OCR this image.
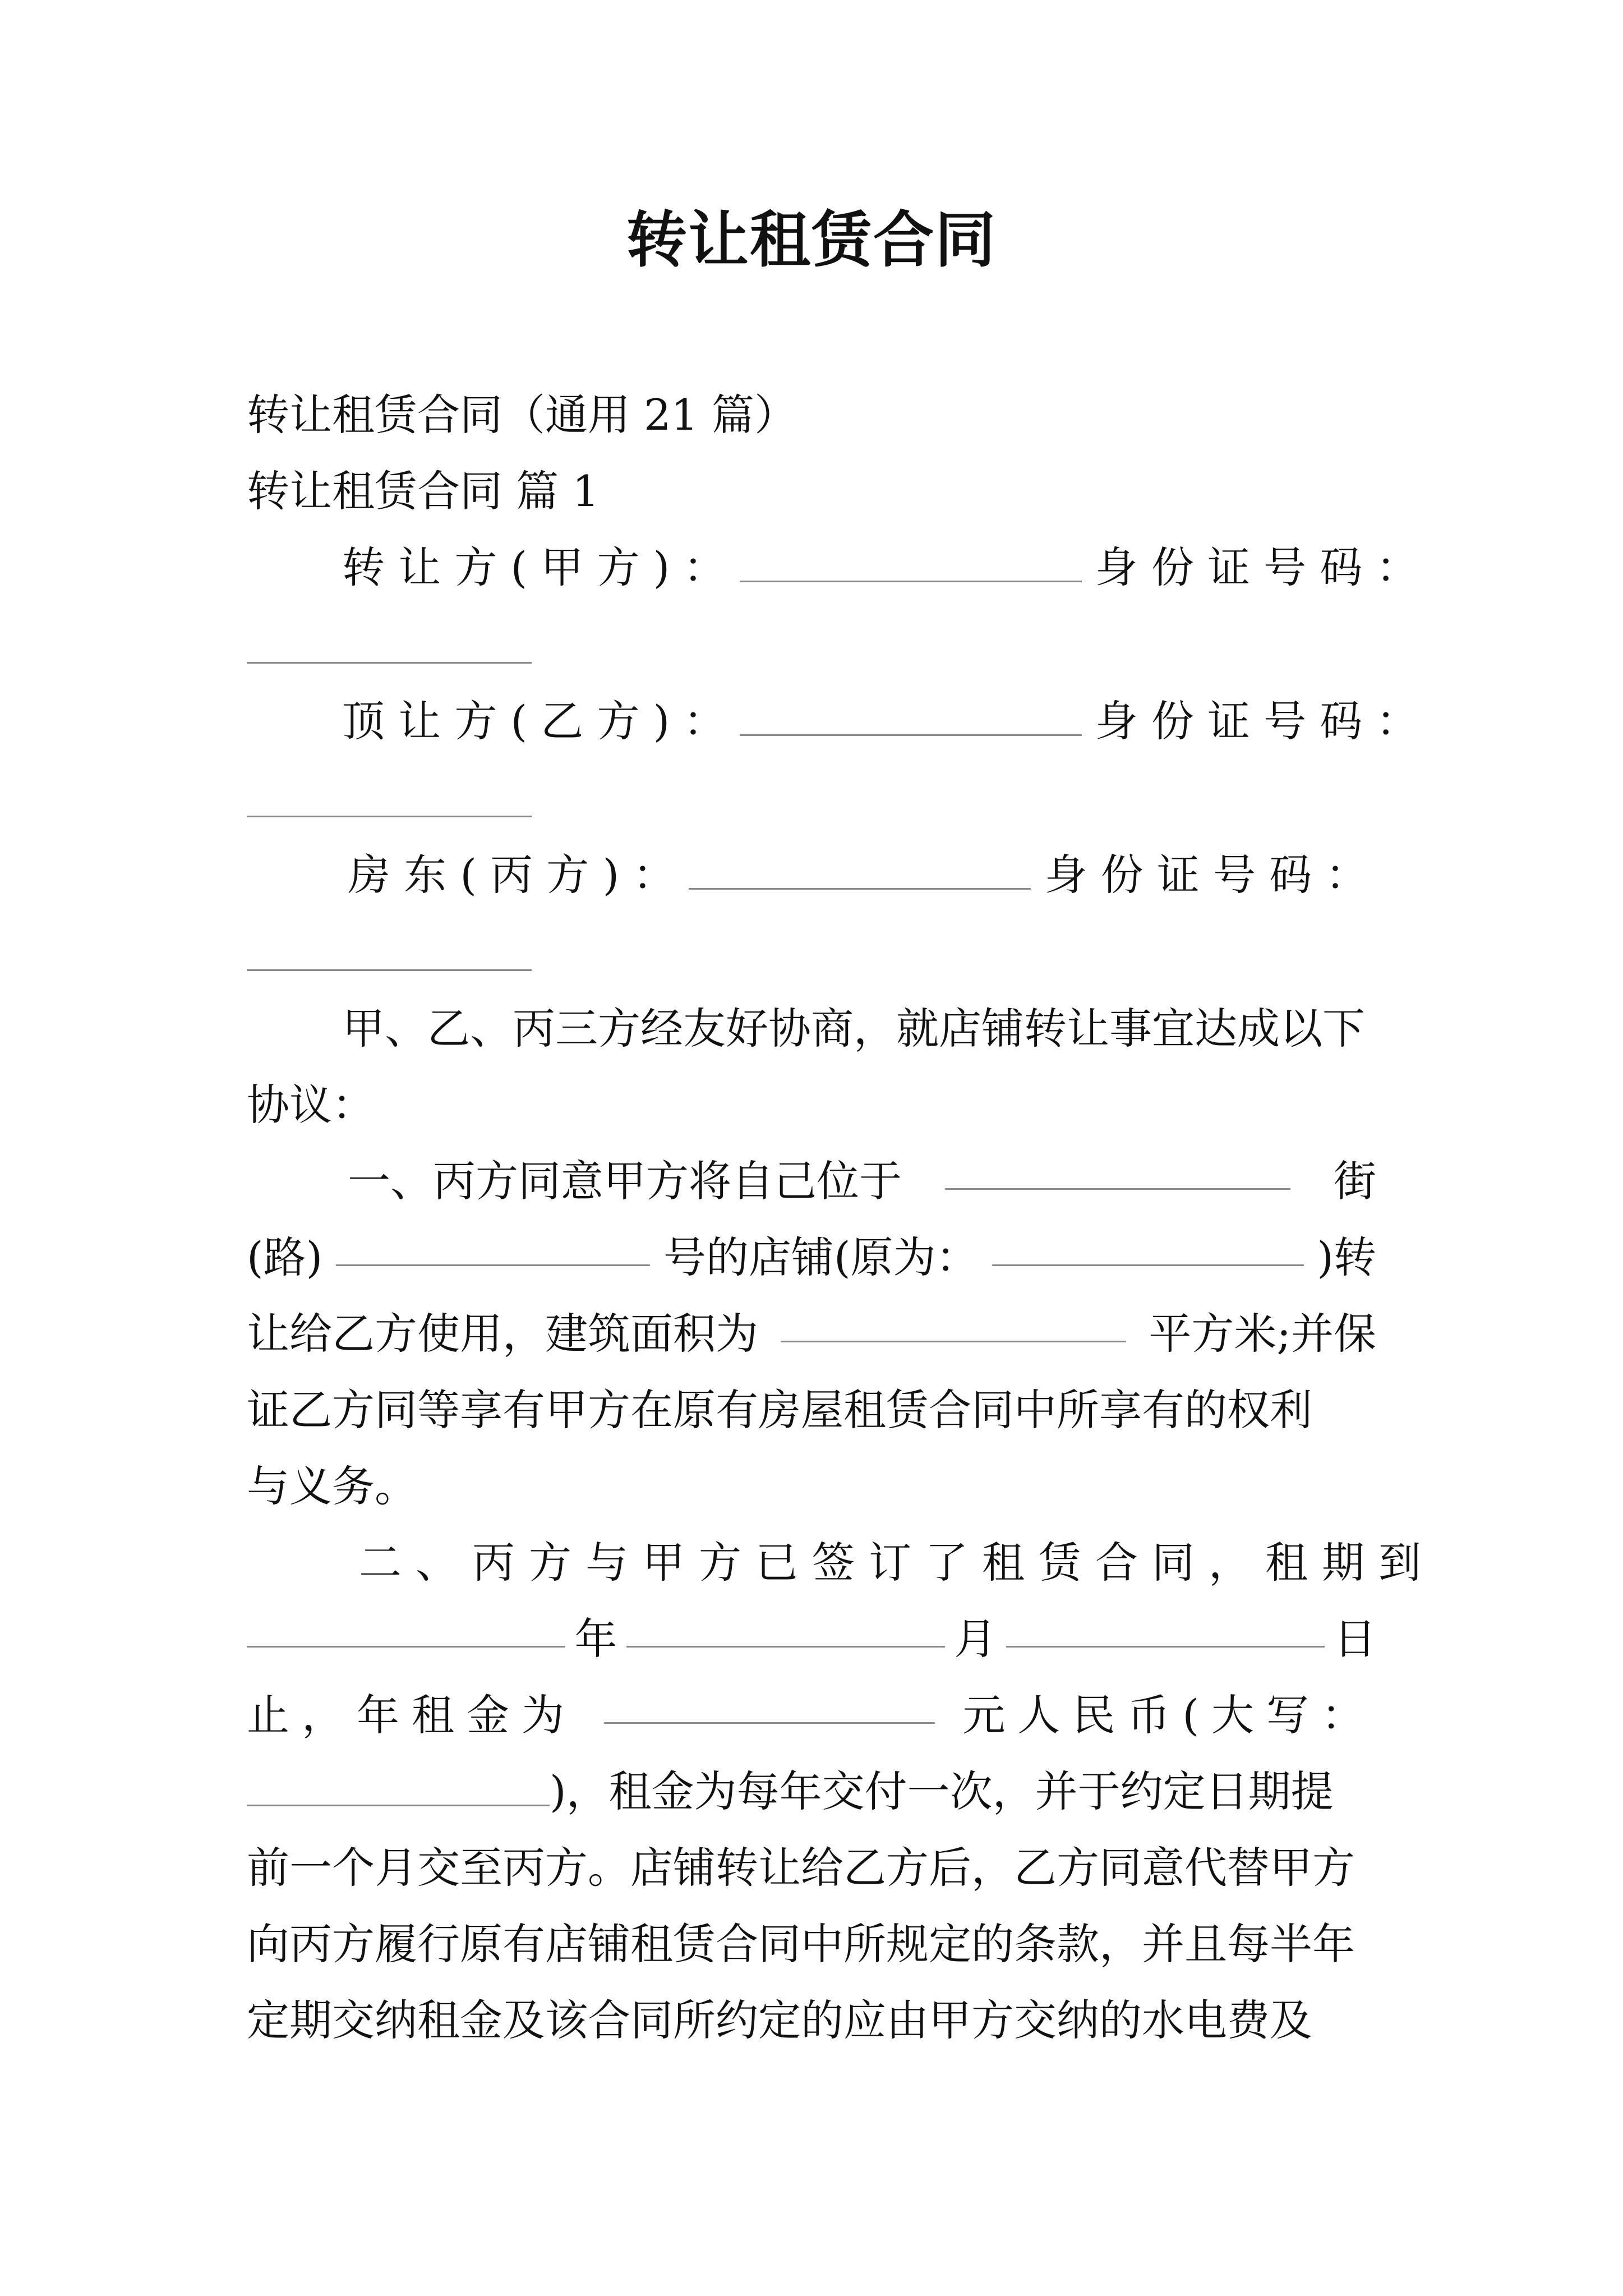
转让租赁合同
转让租赁合同（通用 21 篇）
转让租赁合同 篇 1
转 让 方 ( 甲 方 ) ：	身 份 证 号 码 ：
顶 让 方 ( 乙 方 ) ：	身 份 证 号 码 ：
房 东 ( 丙 方 ) ：	身 份 证 号 码 ：
甲、乙、丙三方经友好协商，就店铺转让事宜达成以下
协议：
一、丙方同意甲方将自己位于	街
(路)	号的店铺(原为：	)转
让给乙方使用，建筑面积为	平方米;并保
证乙方同等享有甲方在原有房屋租赁合同中所享有的权利
与义务。
二、丙方与甲方已签订了租赁合同，租期到
年	月	日
止，年租金为	元人民币(大写：
)，租金为每年交付一次，并于约定日期提
前一个月交至丙方。店铺转让给乙方后，乙方同意代替甲方
向丙方履行原有店铺租赁合同中所规定的条款，并且每半年
定期交纳租金及该合同所约定的应由甲方交纳的水电费及
